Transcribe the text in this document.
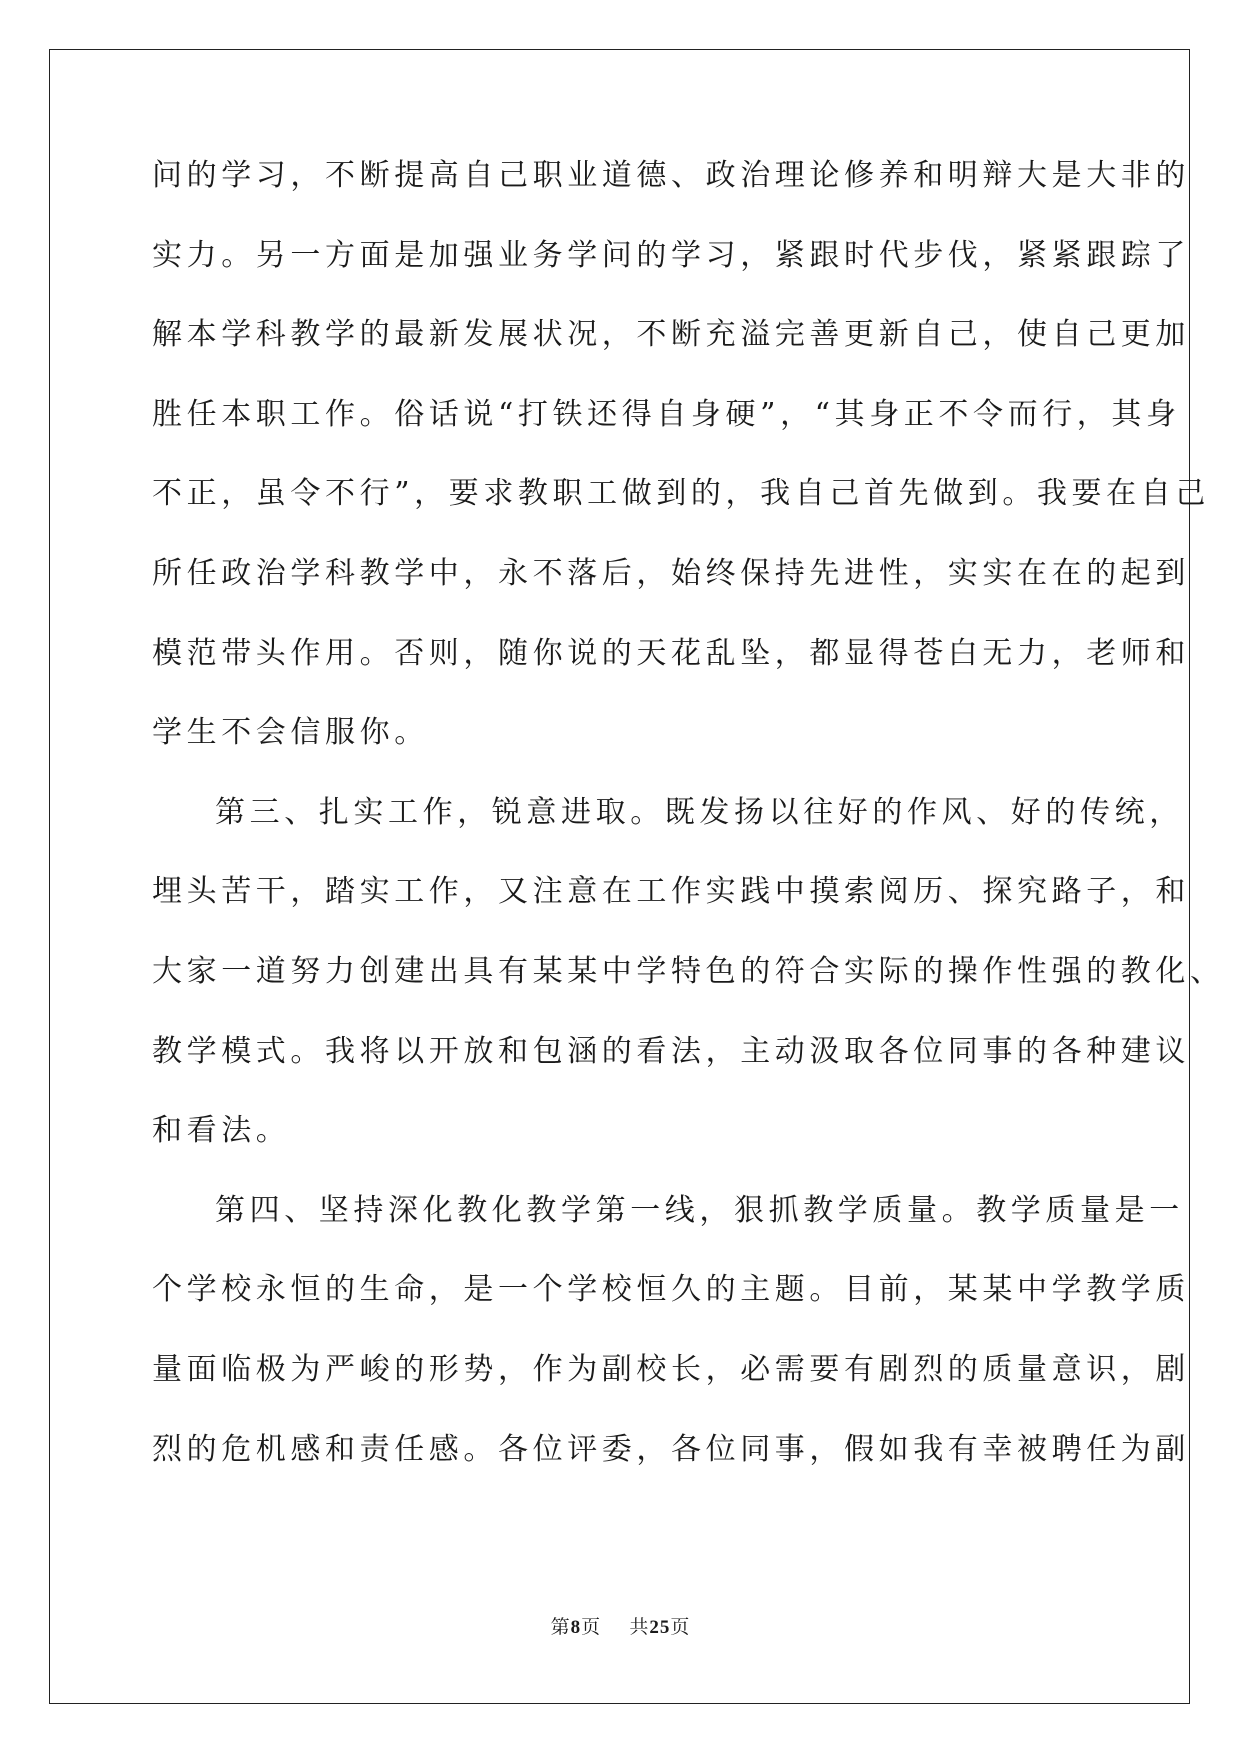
问的学习，不断提高自己职业道德、政治理论修养和明辩大是大非的
实力。另一方面是加强业务学问的学习，紧跟时代步伐，紧紧跟踪了
解本学科教学的最新发展状况，不断充溢完善更新自己，使自己更加
胜任本职工作。俗话说“打铁还得自身硬”，“其身正不令而行，其身
不正，虽令不行”，要求教职工做到的，我自己首先做到。我要在自己
所任政治学科教学中，永不落后，始终保持先进性，实实在在的起到
模范带头作用。否则，随你说的天花乱坠，都显得苍白无力，老师和
学生不会信服你。
第三、扎实工作，锐意进取。既发扬以往好的作风、好的传统，
埋头苦干，踏实工作，又注意在工作实践中摸索阅历、探究路子，和
大家一道努力创建出具有某某中学特色的符合实际的操作性强的教化、
教学模式。我将以开放和包涵的看法，主动汲取各位同事的各种建议
和看法。
第四、坚持深化教化教学第一线，狠抓教学质量。教学质量是一
个学校永恒的生命，是一个学校恒久的主题。目前，某某中学教学质
量面临极为严峻的形势，作为副校长，必需要有剧烈的质量意识，剧
烈的危机感和责任感。各位评委，各位同事，假如我有幸被聘任为副
第8页 共25页
